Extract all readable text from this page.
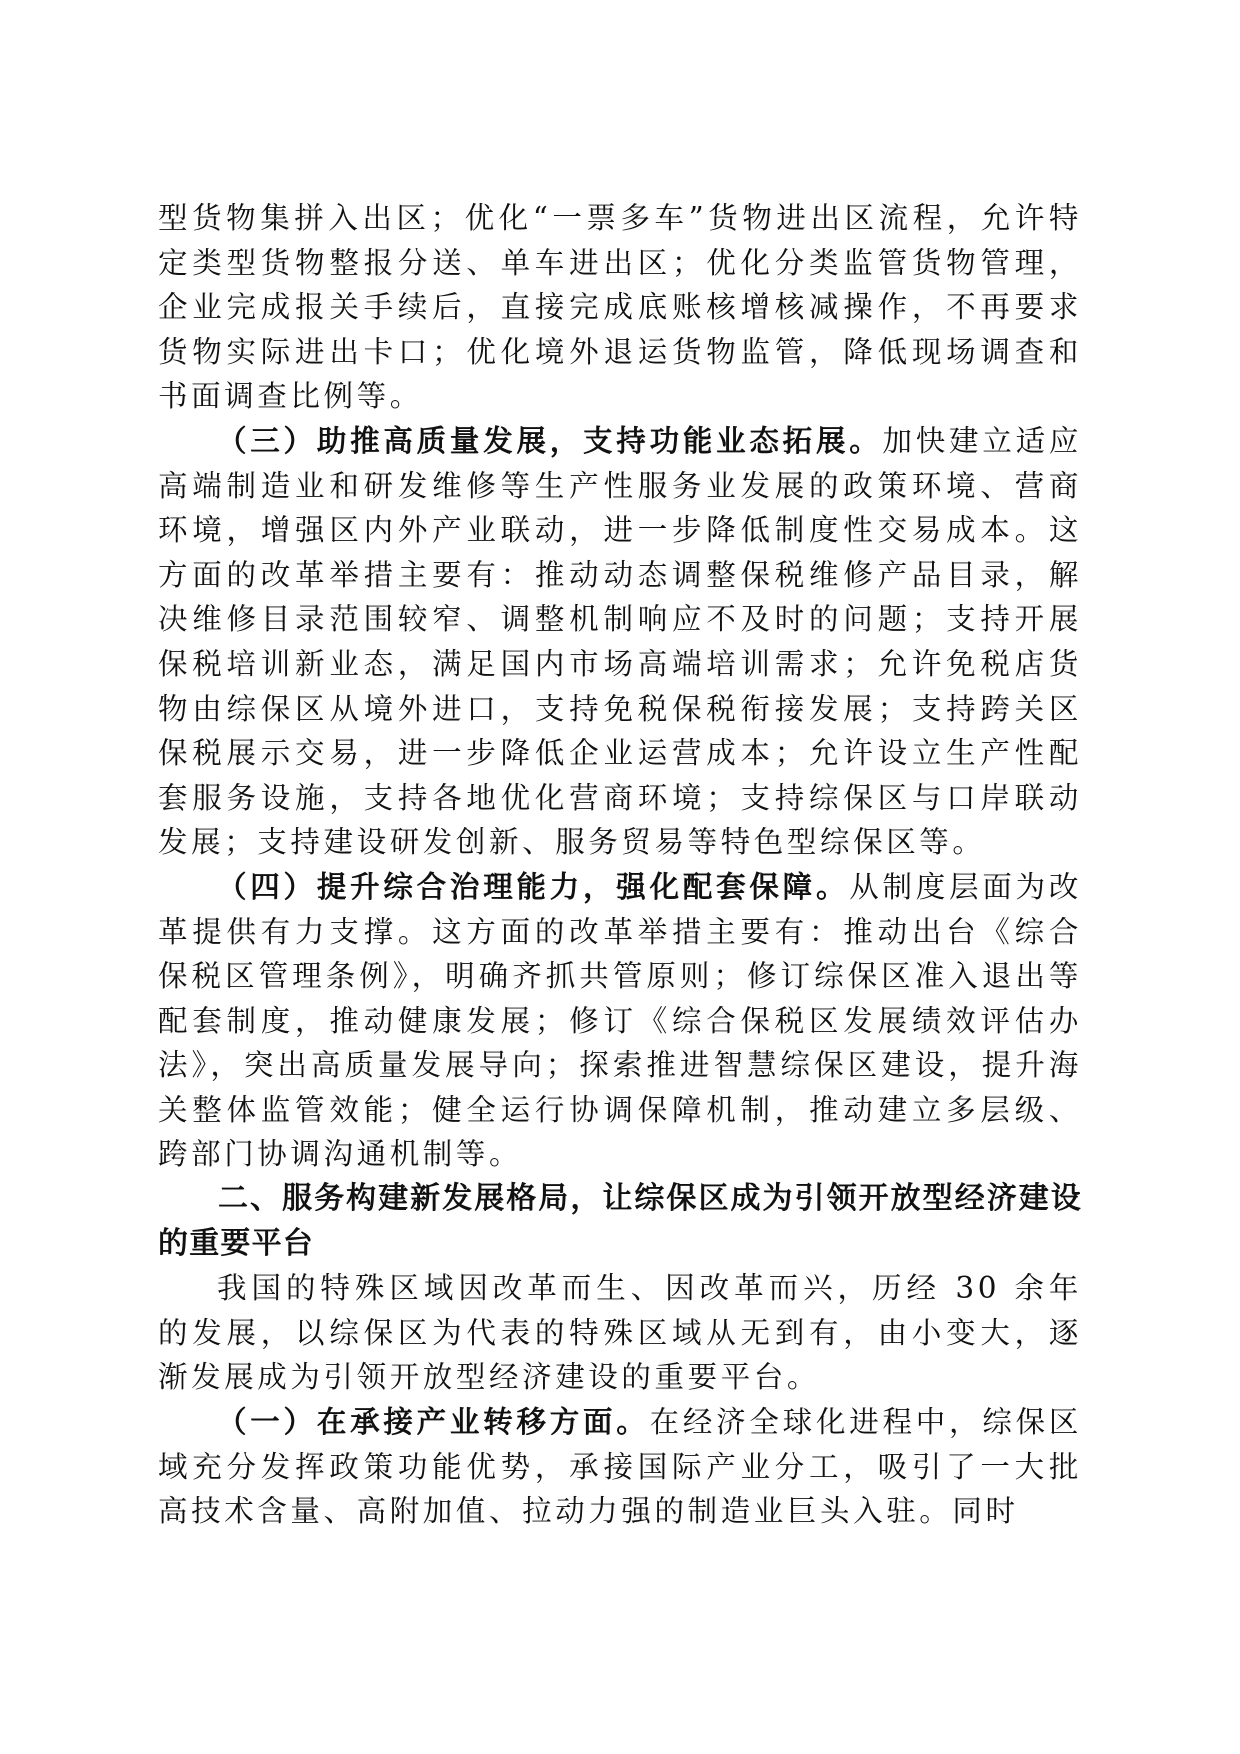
型货物集拼入出区；优化“一票多车”货物进出区流程，允许特定类型货物整报分送、单车进出区；优化分类监管货物管理，企业完成报关手续后，直接完成底账核增核减操作，不再要求货物实际进出卡口；优化境外退运货物监管，降低现场调查和书面调查比例等。

（三）助推高质量发展，支持功能业态拓展。加快建立适应高端制造业和研发维修等生产性服务业发展的政策环境、营商环境，增强区内外产业联动，进一步降低制度性交易成本。这方面的改革举措主要有：推动动态调整保税维修产品目录，解决维修目录范围较窄、调整机制响应不及时的问题；支持开展保税培训新业态，满足国内市场高端培训需求；允许免税店货物由综保区从境外进口，支持免税保税衔接发展；支持跨关区保税展示交易，进一步降低企业运营成本；允许设立生产性配套服务设施，支持各地优化营商环境；支持综保区与口岸联动发展；支持建设研发创新、服务贸易等特色型综保区等。

（四）提升综合治理能力，强化配套保障。从制度层面为改革提供有力支撑。这方面的改革举措主要有：推动出台《综合保税区管理条例》，明确齐抓共管原则；修订综保区准入退出等配套制度，推动健康发展；修订《综合保税区发展绩效评估办法》，突出高质量发展导向；探索推进智慧综保区建设，提升海关整体监管效能；健全运行协调保障机制，推动建立多层级、跨部门协调沟通机制等。

二、服务构建新发展格局，让综保区成为引领开放型经济建设的重要平台

我国的特殊区域因改革而生、因改革而兴，历经 30 余年的发展，以综保区为代表的特殊区域从无到有，由小变大，逐渐发展成为引领开放型经济建设的重要平台。

（一）在承接产业转移方面。在经济全球化进程中，综保区域充分发挥政策功能优势，承接国际产业分工，吸引了一大批高技术含量、高附加值、拉动力强的制造业巨头入驻。同时
